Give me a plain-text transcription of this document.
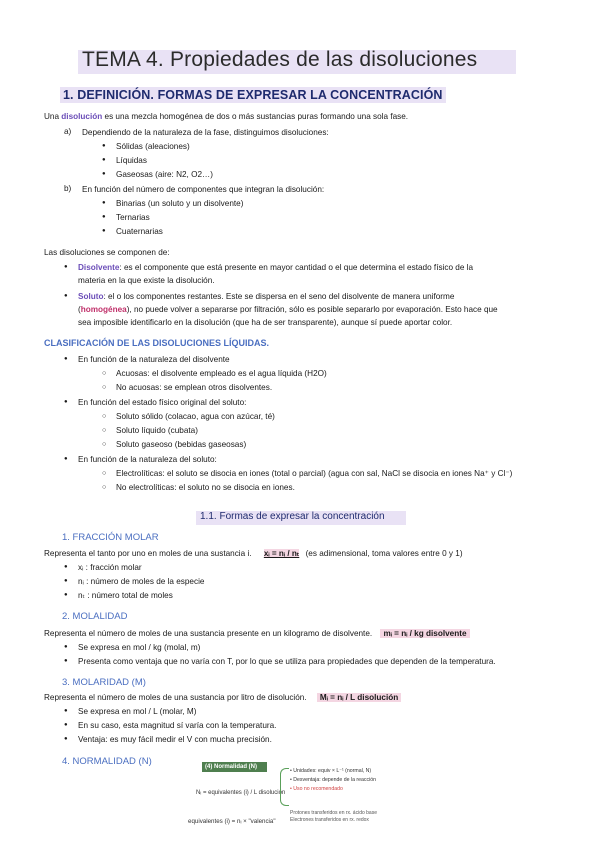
TEMA 4. Propiedades de las disoluciones
1. DEFINICIÓN. FORMAS DE EXPRESAR LA CONCENTRACIÓN
Una disolución es una mezcla homogénea de dos o más sustancias puras formando una sola fase.
a) Dependiendo de la naturaleza de la fase, distinguimos disoluciones:
● Sólidas (aleaciones)
● Líquidas
● Gaseosas (aire: N2, O2…)
b) En función del número de componentes que integran la disolución:
● Binarias (un soluto y un disolvente)
● Ternarias
● Cuaternarias
Las disoluciones se componen de:
● Disolvente: es el componente que está presente en mayor cantidad o el que determina el estado físico de la
materia en la que existe la disolución.
● Soluto: el o los componentes restantes. Este se dispersa en el seno del disolvente de manera uniforme
(homogénea), no puede volver a separarse por filtración, sólo es posible separarlo por evaporación. Esto hace que
sea imposible identificarlo en la disolución (que ha de ser transparente), aunque sí puede aportar color.
CLASIFICACIÓN DE LAS DISOLUCIONES LÍQUIDAS.
● En función de la naturaleza del disolvente
○ Acuosas: el disolvente empleado es el agua líquida (H2O)
○ No acuosas: se emplean otros disolventes.
● En función del estado físico original del soluto:
○ Soluto sólido (colacao, agua con azúcar, té)
○ Soluto líquido (cubata)
○ Soluto gaseoso (bebidas gaseosas)
● En función de la naturaleza del soluto:
○ Electrolíticas: el soluto se disocia en iones (total o parcial) (agua con sal, NaCl se disocia en iones Na⁺ y Cl⁻)
○ No electrolíticas: el soluto no se disocia en iones.
1.1. Formas de expresar la concentración
1. FRACCIÓN MOLAR
Representa el tanto por uno en moles de una sustancia i. xᵢ = nᵢ / nₜ (es adimensional, toma valores entre 0 y 1)
● xᵢ : fracción molar
● nᵢ : número de moles de la especie
● nₜ : número total de moles
2. MOLALIDAD
Representa el número de moles de una sustancia presente en un kilogramo de disolvente. mᵢ = nᵢ / kg disolvente
● Se expresa en mol / kg (molal, m)
● Presenta como ventaja que no varía con T, por lo que se utiliza para propiedades que dependen de la temperatura.
3. MOLARIDAD (M)
Representa el número de moles de una sustancia por litro de disolución. Mᵢ = nᵢ / L disolución
● Se expresa en mol / L (molar, M)
● En su caso, esta magnitud sí varía con la temperatura.
● Ventaja: es muy fácil medir el V con mucha precisión.
4. NORMALIDAD (N)	(4) Normalidad (N)
Nᵢ = equivalentes (i) / L disolución
• Unidades: equiv × L⁻¹ (normal, N)
• Desventaja: depende de la reacción
• Uso no recomendado
equivalentes (i) = nᵢ × "valencia"
Protones transferidos en rx. ácido base
Electrones transferidos en rx. redox
